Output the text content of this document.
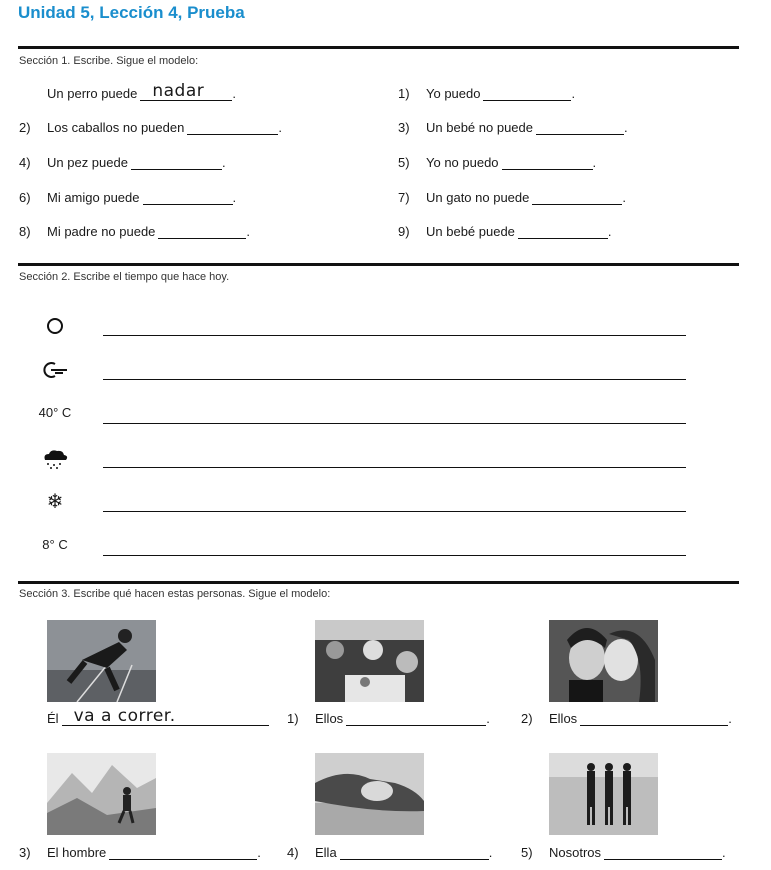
Unidad 5, Lección 4, Prueba
Sección 1. Escribe. Sigue el modelo:
Un perro puede nadar .	1)	Yo puedo	.
2)	Los caballos no pueden	.	3)	Un bebé no puede	.
4)	Un pez puede	.	5)	Yo no puedo	.
6)	Mi amigo puede	.	7)	Un gato no puede	.
8)	Mi padre no puede	.	9)	Un bebé puede	.
Sección 2. Escribe el tiempo que hace hoy.
40° C
❄
8° C
Sección 3. Escribe qué hacen estas personas. Sigue el modelo:
Él va a correr.	1)	Ellos	. 2)	Ellos	.
3)	El hombre	. 4)	Ella	. 5)	Nosotros	.
